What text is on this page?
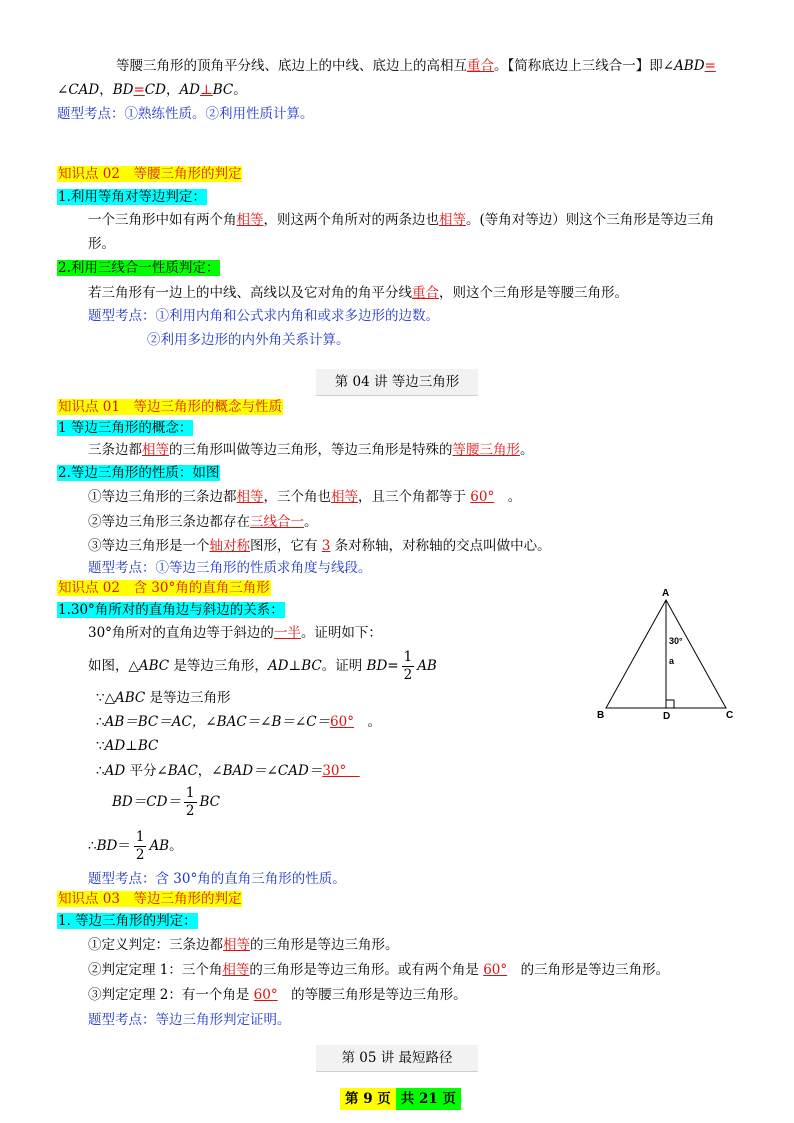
等腰三角形的顶角平分线、底边上的中线、底边上的高相互重合。【简称底边上三线合一】即∠ABD=
∠CAD，BD=CD，AD⊥BC。
题型考点：①熟练性质。②利用性质计算。
知识点 02　等腰三角形的判定
1.利用等角对等边判定：
一个三角形中如有两个角相等，则这两个角所对的两条边也相等。(等角对等边）则这个三角形是等边三角
形。
2.利用三线合一性质判定：
若三角形有一边上的中线、高线以及它对角的角平分线重合，则这个三角形是等腰三角形。
题型考点：①利用内角和公式求内角和或求多边形的边数。
②利用多边形的内外角关系计算。
第 04 讲 等边三角形
知识点 01　等边三角形的概念与性质
1 等边三角形的概念：
三条边都相等的三角形叫做等边三角形，等边三角形是特殊的等腰三角形。
2.等边三角形的性质：如图
①等边三角形的三条边都相等，三个角也相等，且三个角都等于 60°　。
②等边三角形三条边都存在三线合一。
③等边三角形是一个轴对称图形，它有 3 条对称轴，对称轴的交点叫做中心。
题型考点：①等边三角形的性质求角度与线段。
知识点 02　含 30°角的直角三角形
1.30°角所对的直角边与斜边的关系：
30°角所对的直角边等于斜边的一半。证明如下：
如图，△ABC 是等边三角形，AD⊥BC。证明 $BD= \frac{1}{2}$ AB
∵△ABC 是等边三角形
∴AB＝BC＝AC，∠BAC＝∠B＝∠C＝60°　。
∵AD⊥BC
∴AD 平分∠BAC，∠BAD＝∠CAD＝30°　
$BD=CD= \frac{1}{2}$ BC
∴BD＝ $\frac{1}{2}$ AB。
题型考点：含 30°角的直角三角形的性质。
A
B	C
D
30°
a
知识点 03　等边三角形的判定
1. 等边三角形的判定：
①定义判定：三条边都相等的三角形是等边三角形。
②判定定理 1：三个角相等的三角形是等边三角形。或有两个角是 60°　的三角形是等边三角形。
③判定定理 2：有一个角是 60°　的等腰三角形是等边三角形。
题型考点：等边三角形判定证明。
第 05 讲 最短路径
第 9 页 共 21 页
